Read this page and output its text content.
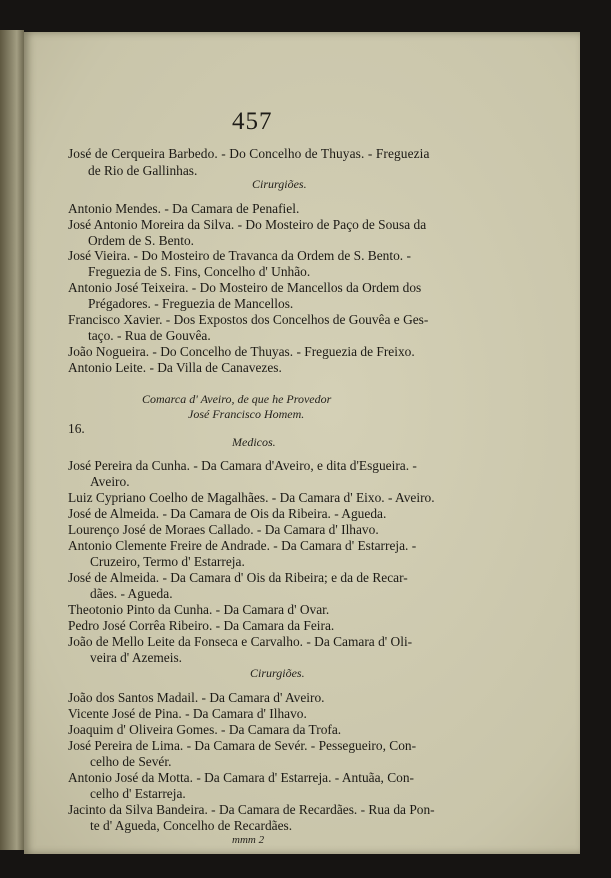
457
José de Cerqueira Barbedo. - Do Concelho de Thuyas. - Freguezia
de Rio de Gallinhas.
Cirurgiões.
Antonio Mendes. - Da Camara de Penafiel.
José Antonio Moreira da Silva. - Do Mosteiro de Paço de Sousa da
Ordem de S. Bento.
José Vieira. - Do Mosteiro de Travanca da Ordem de S. Bento. -
Freguezia de S. Fins, Concelho d' Unhão.
Antonio José Teixeira. - Do Mosteiro de Mancellos da Ordem dos
Prégadores. - Freguezia de Mancellos.
Francisco Xavier. - Dos Expostos dos Concelhos de Gouvêa e Ges-
taço. - Rua de Gouvêa.
João Nogueira. - Do Concelho de Thuyas. - Freguezia de Freixo.
Antonio Leite. - Da Villa de Canavezes.
Comarca d' Aveiro, de que he Provedor
José Francisco Homem.
16.
Medicos.
José Pereira da Cunha. - Da Camara d'Aveiro, e dita d'Esgueira. -
Aveiro.
Luiz Cypriano Coelho de Magalhães. - Da Camara d' Eixo. - Aveiro.
José de Almeida. - Da Camara de Ois da Ribeira. - Agueda.
Lourenço José de Moraes Callado. - Da Camara d' Ilhavo.
Antonio Clemente Freire de Andrade. - Da Camara d' Estarreja. -
Cruzeiro, Termo d' Estarreja.
José de Almeida. - Da Camara d' Ois da Ribeira; e da de Recar-
dães. - Agueda.
Theotonio Pinto da Cunha. - Da Camara d' Ovar.
Pedro José Corrêa Ribeiro. - Da Camara da Feira.
João de Mello Leite da Fonseca e Carvalho. - Da Camara d' Oli-
veira d' Azemeis.
Cirurgiões.
João dos Santos Madail. - Da Camara d' Aveiro.
Vicente José de Pina. - Da Camara d' Ilhavo.
Joaquim d' Oliveira Gomes. - Da Camara da Trofa.
José Pereira de Lima. - Da Camara de Sevér. - Pessegueiro, Con-
celho de Sevér.
Antonio José da Motta. - Da Camara d' Estarreja. - Antuãa, Con-
celho d' Estarreja.
Jacinto da Silva Bandeira. - Da Camara de Recardães. - Rua da Pon-
te d' Agueda, Concelho de Recardães.
mmm 2
